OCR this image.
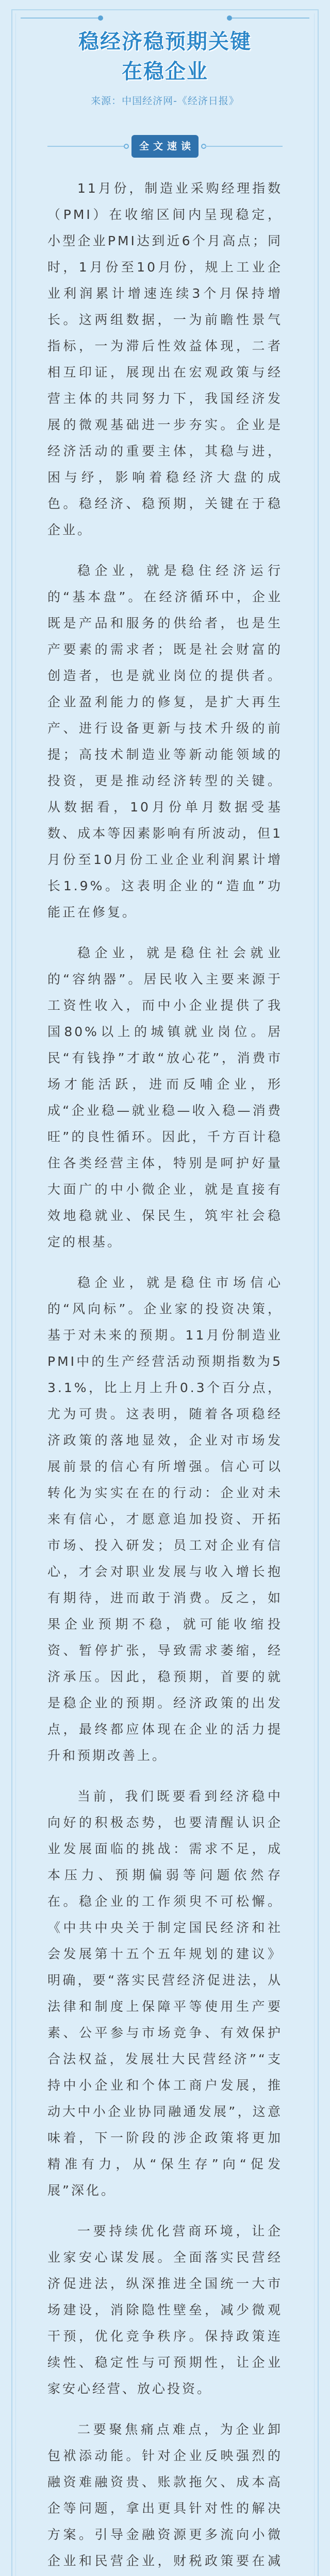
稳经济稳预期关键
在稳企业
来源：中国经济网-《经济日报》
全文速读

11月份，制造业采购经理指数（PMI）在收缩区间内呈现稳定，小型企业PMI达到近6个月高点；同时，1月份至10月份，规上工业企业利润累计增速连续3个月保持增长。这两组数据，一为前瞻性景气指标，一为滞后性效益体现，二者相互印证，展现出在宏观政策与经营主体的共同努力下，我国经济发展的微观基础进一步夯实。企业是经济活动的重要主体，其稳与进，困与纾，影响着稳经济大盘的成色。稳经济、稳预期，关键在于稳企业。

稳企业，就是稳住经济运行的“基本盘”。在经济循环中，企业既是产品和服务的供给者，也是生产要素的需求者；既是社会财富的创造者，也是就业岗位的提供者。企业盈利能力的修复，是扩大再生产、进行设备更新与技术升级的前提；高技术制造业等新动能领域的投资，更是推动经济转型的关键。从数据看，10月份单月数据受基数、成本等因素影响有所波动，但1月份至10月份工业企业利润累计增长1.9%。这表明企业的“造血”功能正在修复。

稳企业，就是稳住社会就业的“容纳器”。居民收入主要来源于工资性收入，而中小企业提供了我国80%以上的城镇就业岗位。居民“有钱挣”才敢“放心花”，消费市场才能活跃，进而反哺企业，形成“企业稳—就业稳—收入稳—消费旺”的良性循环。因此，千方百计稳住各类经营主体，特别是呵护好量大面广的中小微企业，就是直接有效地稳就业、保民生，筑牢社会稳定的根基。

稳企业，就是稳住市场信心的“风向标”。企业家的投资决策，基于对未来的预期。11月份制造业PMI中的生产经营活动预期指数为53.1%，比上月上升0.3个百分点，尤为可贵。这表明，随着各项稳经济政策的落地显效，企业对市场发展前景的信心有所增强。信心可以转化为实实在在的行动：企业对未来有信心，才愿意追加投资、开拓市场、投入研发；员工对企业有信心，才会对职业发展与收入增长抱有期待，进而敢于消费。反之，如果企业预期不稳，就可能收缩投资、暂停扩张，导致需求萎缩，经济承压。因此，稳预期，首要的就是稳企业的预期。经济政策的出发点，最终都应体现在企业的活力提升和预期改善上。

当前，我们既要看到经济稳中向好的积极态势，也要清醒认识企业发展面临的挑战：需求不足，成本压力、预期偏弱等问题依然存在。稳企业的工作须臾不可松懈。《中共中央关于制定国民经济和社会发展第十五个五年规划的建议》明确，要“落实民营经济促进法，从法律和制度上保障平等使用生产要素、公平参与市场竞争、有效保护合法权益，发展壮大民营经济”“支持中小企业和个体工商户发展，推动大中小企业协同融通发展”，这意味着，下一阶段的涉企政策将更加精准有力，从“保生存”向“促发展”深化。

一要持续优化营商环境，让企业家安心谋发展。全面落实民营经济促进法，纵深推进全国统一大市场建设，消除隐性壁垒，减少微观干预，优化竞争秩序。保持政策连续性、稳定性与可预期性，让企业家安心经营、放心投资。

二要聚焦痛点难点，为企业卸包袱添动能。针对企业反映强烈的融资难融资贵、账款拖欠、成本高企等问题，拿出更具针对性的解决方案。引导金融资源更多流向小微企业和民营企业，财税政策要在减
